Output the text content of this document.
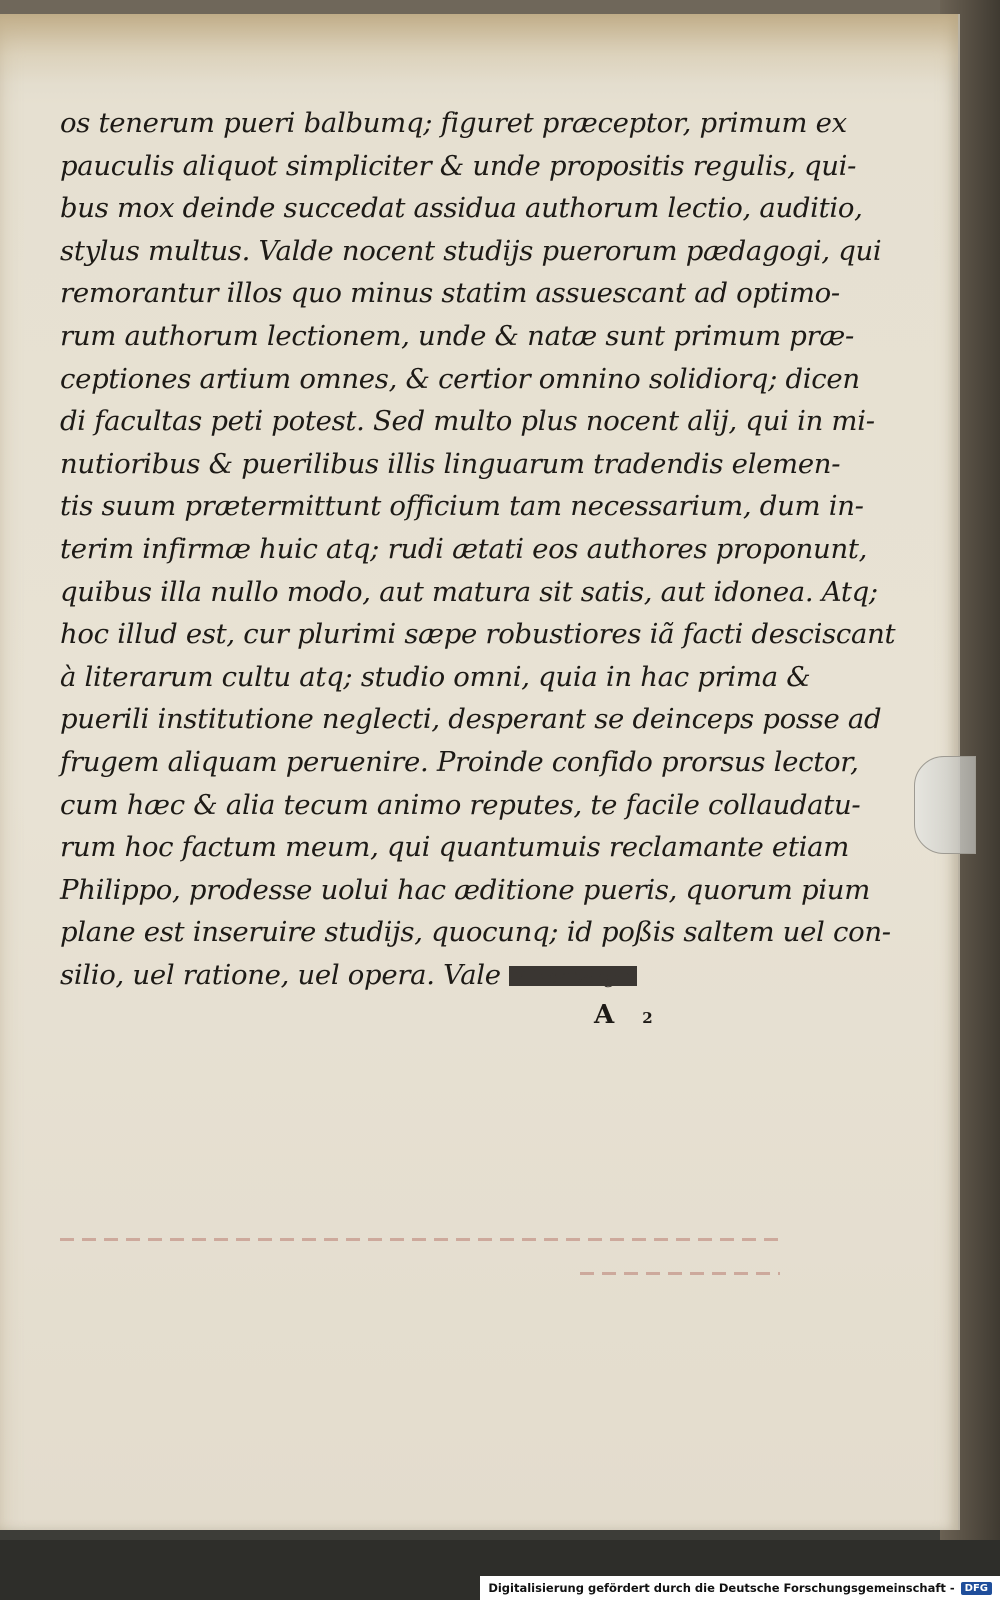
os tenerum pueri balbumq; figuret præceptor, primum ex
pauculis aliquot simpliciter & unde propositis regulis, qui-
bus mox deinde succedat assidua authorum lectio, auditio,
stylus multus. Valde nocent studijs puerorum pædagogi, qui
remorantur illos quo minus statim assuescant ad optimo-
rum authorum lectionem, unde & natæ sunt primum præ-
ceptiones artium omnes, & certior omnino solidiorq; dicen
di facultas peti potest. Sed multo plus nocent alij, qui in mi-
nutioribus & puerilibus illis linguarum tradendis elemen-
tis suum prætermittunt officium tam necessarium, dum in-
terim infirmæ huic atq; rudi ætati eos authores proponunt,
quibus illa nullo modo, aut matura sit satis, aut idonea. Atq;
hoc illud est, cur plurimi sæpe robustiores iã facti desciscant
à literarum cultu atq; studio omni, quia in hac prima &
puerili institutione neglecti, desperant se deinceps posse ad
frugem aliquam peruenire. Proinde confido prorsus lector,
cum hæc & alia tecum animo reputes, te facile collaudatu-
rum hoc factum meum, qui quantumuis reclamante etiam
Philippo, prodesse uolui hac æditione pueris, quorum pium
plane est inseruire studijs, quocunq; id poßis saltem uel con-
silio, uel ratione, uel opera. Vale Vittenbergæ
A2
Digitalisierung gefördert durch die Deutsche Forschungsgemeinschaft -	DFG
